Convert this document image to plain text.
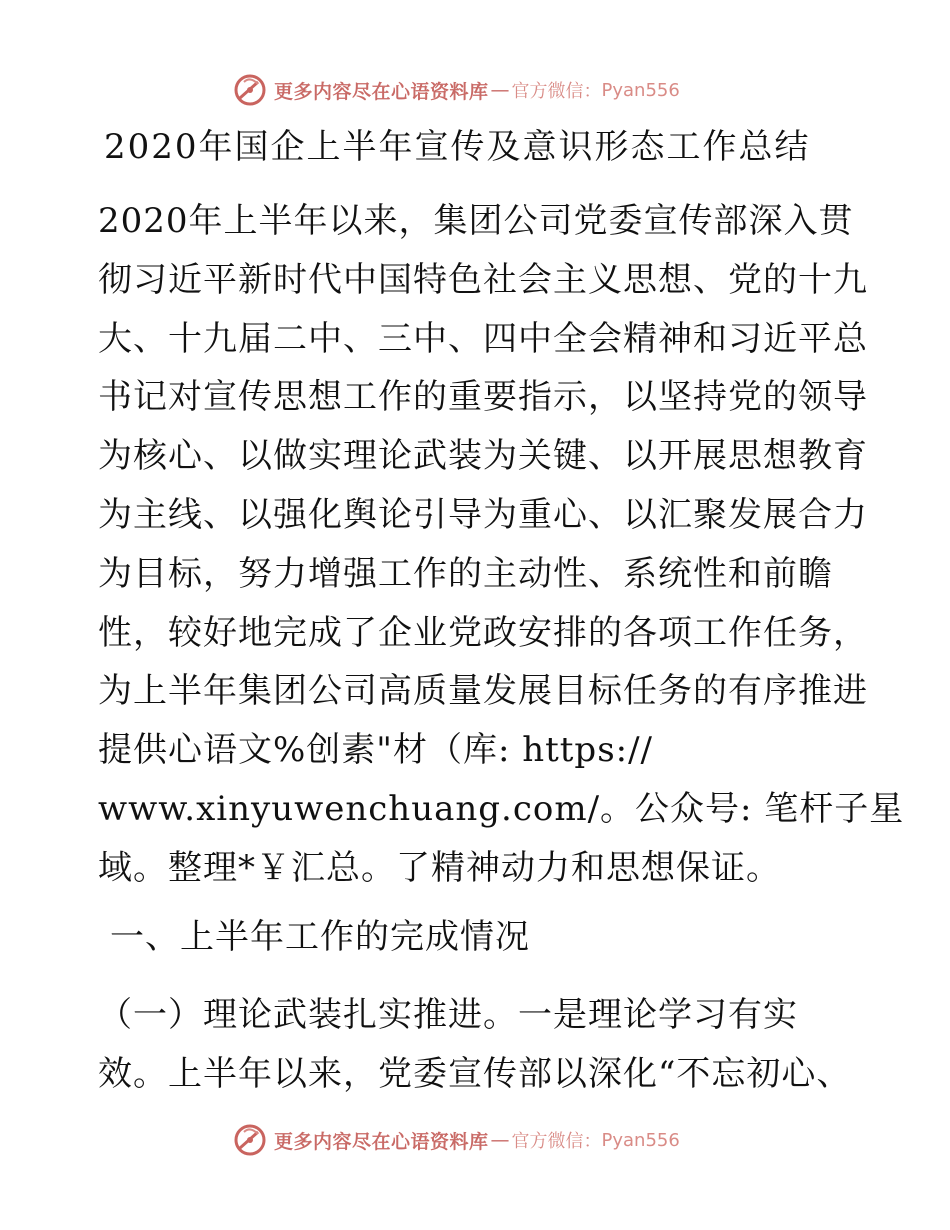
更多内容尽在心语资料库 — 官方微信： Pyan556
2020年国企上半年宣传及意识形态工作总结
2020年上半年以来，集团公司党委宣传部深入贯
彻习近平新时代中国特色社会主义思想、党的十九
大、十九届二中、三中、四中全会精神和习近平总
书记对宣传思想工作的重要指示，以坚持党的领导
为核心、以做实理论武装为关键、以开展思想教育
为主线、以强化舆论引导为重心、以汇聚发展合力
为目标，努力增强工作的主动性、系统性和前瞻
性，较好地完成了企业党政安排的各项工作任务，
为上半年集团公司高质量发展目标任务的有序推进
提供心语文%创素"材（库: https://
www.xinyuwenchuang.com/。公众号: 笔杆子星
域。整理*￥汇总。了精神动力和思想保证。
一、上半年工作的完成情况
（一）理论武装扎实推进。一是理论学习有实
效。上半年以来，党委宣传部以深化“不忘初心、
更多内容尽在心语资料库 — 官方微信： Pyan556
